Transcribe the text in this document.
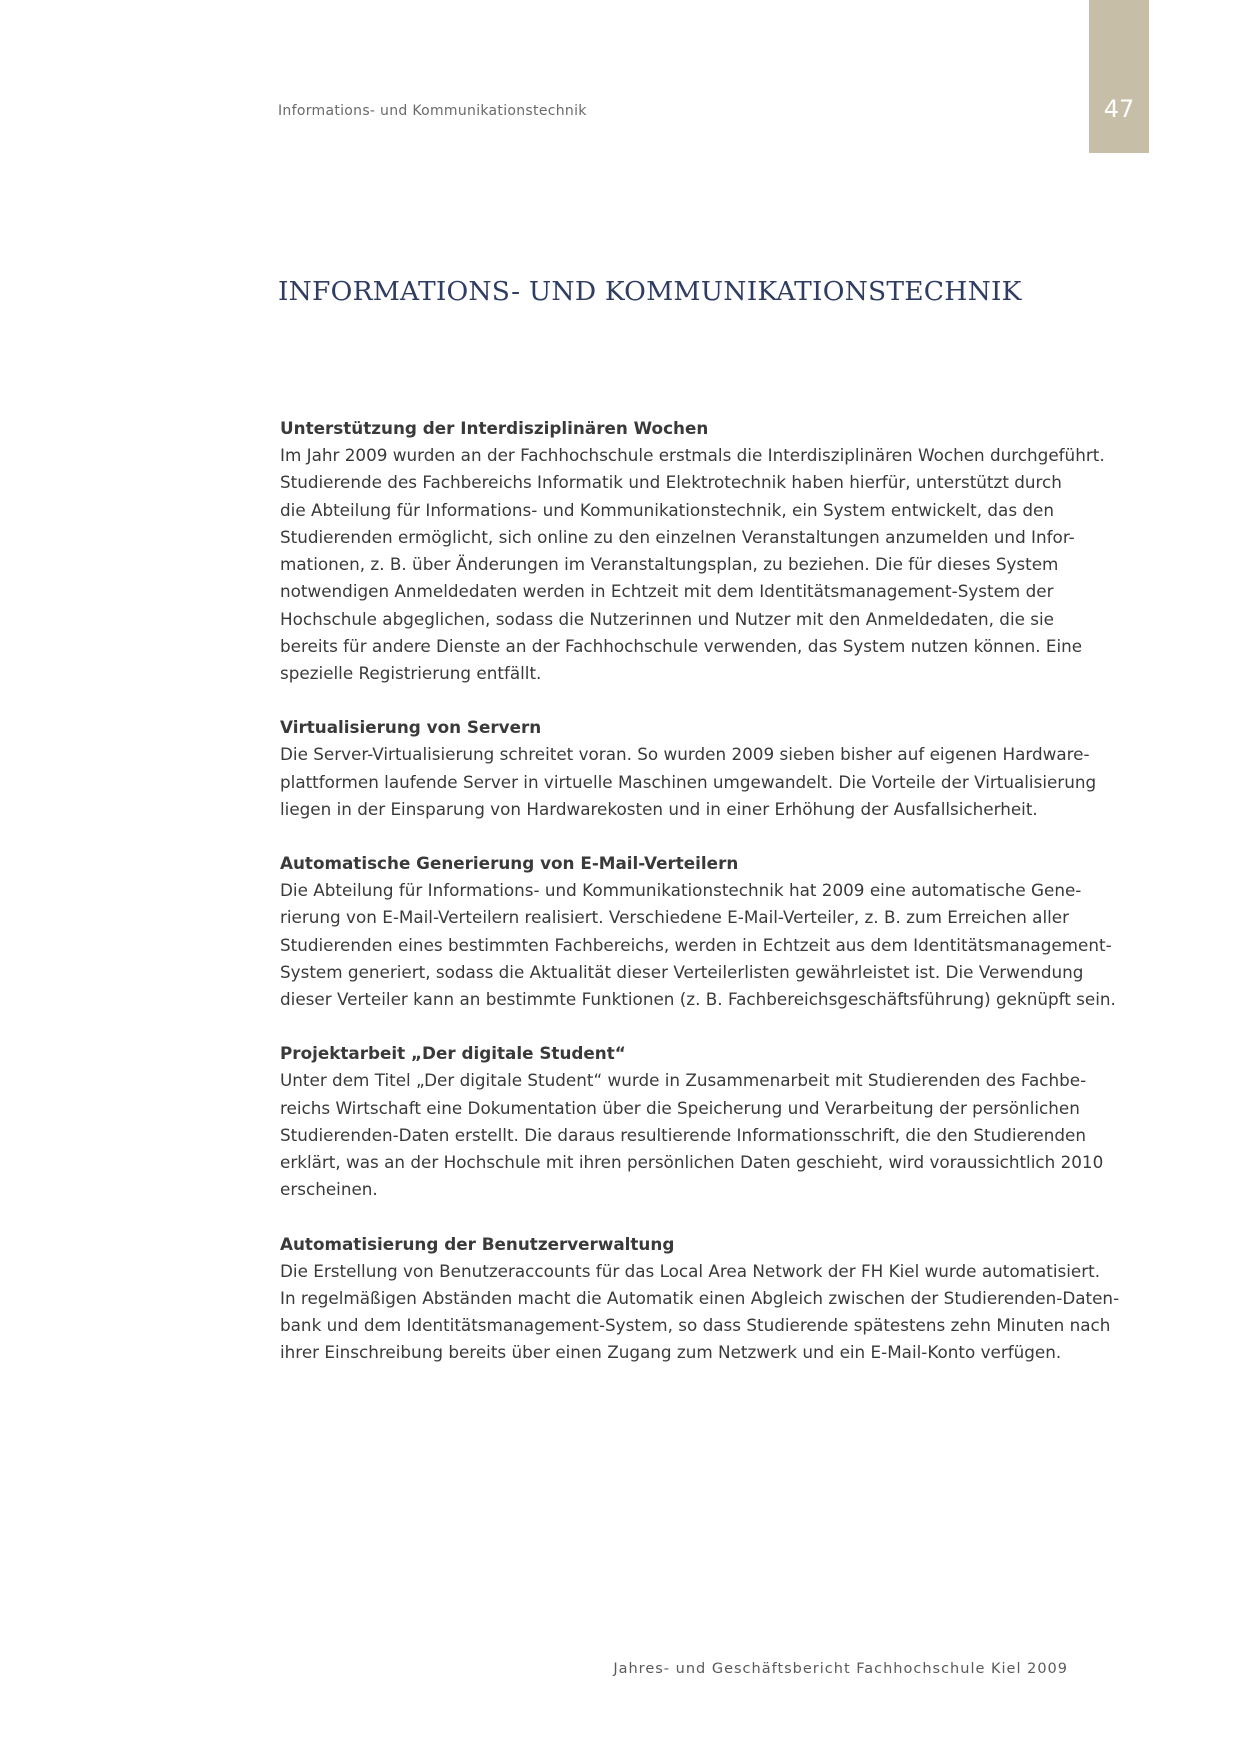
Informations- und Kommunikationstechnik	47
INFORMATIONS- UND KOMMUNIKATIONSTECHNIK
Unterstützung der Interdisziplinären Wochen
Im Jahr 2009 wurden an der Fachhochschule erstmals die Interdisziplinären Wochen durchgeführt.
Studierende des Fachbereichs Informatik und Elektrotechnik haben hierfür, unterstützt durch
die Abteilung für Informations- und Kommunikationstechnik, ein System entwickelt, das den
Studierenden ermöglicht, sich online zu den einzelnen Veranstaltungen anzumelden und Infor-
mationen, z. B. über Änderungen im Veranstaltungsplan, zu beziehen. Die für dieses System
notwendigen Anmeldedaten werden in Echtzeit mit dem Identitätsmanagement-System der
Hochschule abgeglichen, sodass die Nutzerinnen und Nutzer mit den Anmeldedaten, die sie
bereits für andere Dienste an der Fachhochschule verwenden, das System nutzen können. Eine
spezielle Registrierung entfällt.
Virtualisierung von Servern
Die Server-Virtualisierung schreitet voran. So wurden 2009 sieben bisher auf eigenen Hardware-
plattformen laufende Server in virtuelle Maschinen umgewandelt. Die Vorteile der Virtualisierung
liegen in der Einsparung von Hardwarekosten und in einer Erhöhung der Ausfallsicherheit.
Automatische Generierung von E-Mail-Verteilern
Die Abteilung für Informations- und Kommunikationstechnik hat 2009 eine automatische Gene-
rierung von E-Mail-Verteilern realisiert. Verschiedene E-Mail-Verteiler, z. B. zum Erreichen aller
Studierenden eines bestimmten Fachbereichs, werden in Echtzeit aus dem Identitätsmanagement-
System generiert, sodass die Aktualität dieser Verteilerlisten gewährleistet ist. Die Verwendung
dieser Verteiler kann an bestimmte Funktionen (z. B. Fachbereichsgeschäftsführung) geknüpft sein.
Projektarbeit „Der digitale Student“
Unter dem Titel „Der digitale Student“ wurde in Zusammenarbeit mit Studierenden des Fachbe-
reichs Wirtschaft eine Dokumentation über die Speicherung und Verarbeitung der persönlichen
Studierenden-Daten erstellt. Die daraus resultierende Informationsschrift, die den Studierenden
erklärt, was an der Hochschule mit ihren persönlichen Daten geschieht, wird voraussichtlich 2010
erscheinen.
Automatisierung der Benutzerverwaltung
Die Erstellung von Benutzeraccounts für das Local Area Network der FH Kiel wurde automatisiert.
In regelmäßigen Abständen macht die Automatik einen Abgleich zwischen der Studierenden-Daten-
bank und dem Identitätsmanagement-System, so dass Studierende spätestens zehn Minuten nach
ihrer Einschreibung bereits über einen Zugang zum Netzwerk und ein E-Mail-Konto verfügen.
Jahres- und Geschäftsbericht Fachhochschule Kiel 2009
